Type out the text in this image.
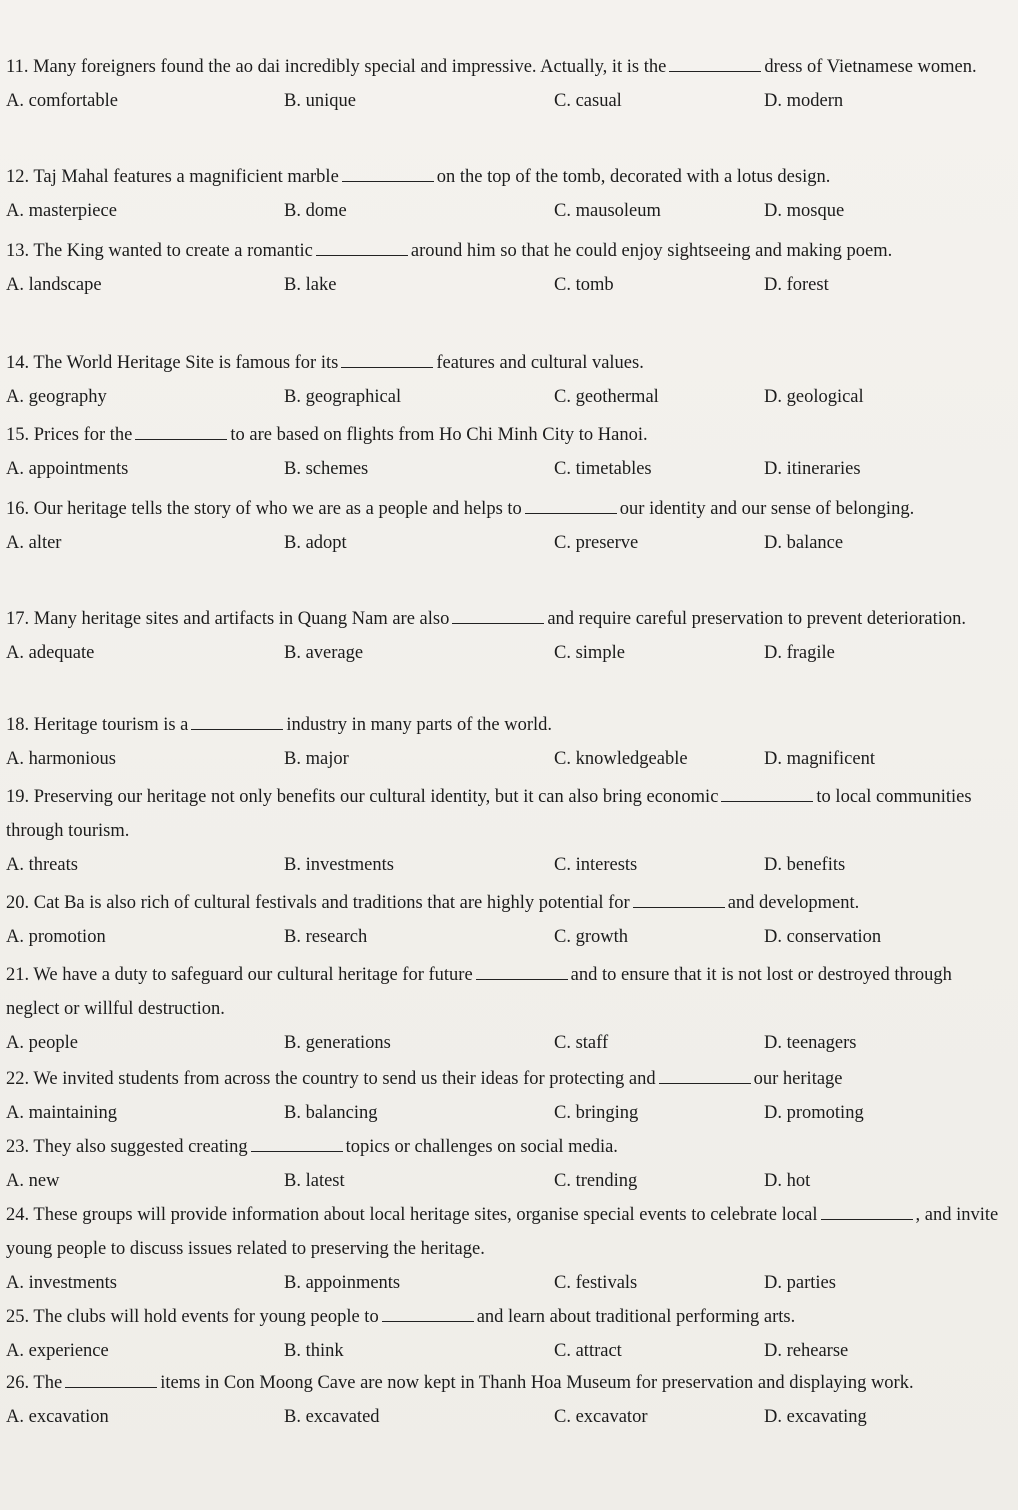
11. Many foreigners found the ao dai incredibly special and impressive. Actually, it is the	dress of Vietnamese women.
A. comfortable	B. unique	C. casual	D. modern
12. Taj Mahal features a magnificient marble	on the top of the tomb, decorated with a lotus design.
A. masterpiece	B. dome	C. mausoleum	D. mosque
13. The King wanted to create a romantic	around him so that he could enjoy sightseeing and making poem.
A. landscape	B. lake	C. tomb	D. forest
14. The World Heritage Site is famous for its	features and cultural values.
A. geography	B. geographical	C. geothermal	D. geological
15. Prices for the	to are based on flights from Ho Chi Minh City to Hanoi.
A. appointments	B. schemes	C. timetables	D. itineraries
16. Our heritage tells the story of who we are as a people and helps to	our identity and our sense of belonging.
A. alter	B. adopt	C. preserve	D. balance
17. Many heritage sites and artifacts in Quang Nam are also	and require careful preservation to prevent deterioration.
A. adequate	B. average	C. simple	D. fragile
18. Heritage tourism is a	industry in many parts of the world.
A. harmonious	B. major	C. knowledgeable	D. magnificent
19. Preserving our heritage not only benefits our cultural identity, but it can also bring economic	to local communities through tourism.
A. threats	B. investments	C. interests	D. benefits
20. Cat Ba is also rich of cultural festivals and traditions that are highly potential for	and development.
A. promotion	B. research	C. growth	D. conservation
21. We have a duty to safeguard our cultural heritage for future	and to ensure that it is not lost or destroyed through neglect or willful destruction.
A. people	B. generations	C. staff	D. teenagers
22. We invited students from across the country to send us their ideas for protecting and	our heritage
A. maintaining	B. balancing	C. bringing	D. promoting
23. They also suggested creating	topics or challenges on social media.
A. new	B. latest	C. trending	D. hot
24. These groups will provide information about local heritage sites, organise special events to celebrate local	, and invite young people to discuss issues related to preserving the heritage.
A. investments	B. appoinments	C. festivals	D. parties
25. The clubs will hold events for young people to	and learn about traditional performing arts.
A. experience	B. think	C. attract	D. rehearse
26. The	items in Con Moong Cave are now kept in Thanh Hoa Museum for preservation and displaying work.
A. excavation	B. excavated	C. excavator	D. excavating
